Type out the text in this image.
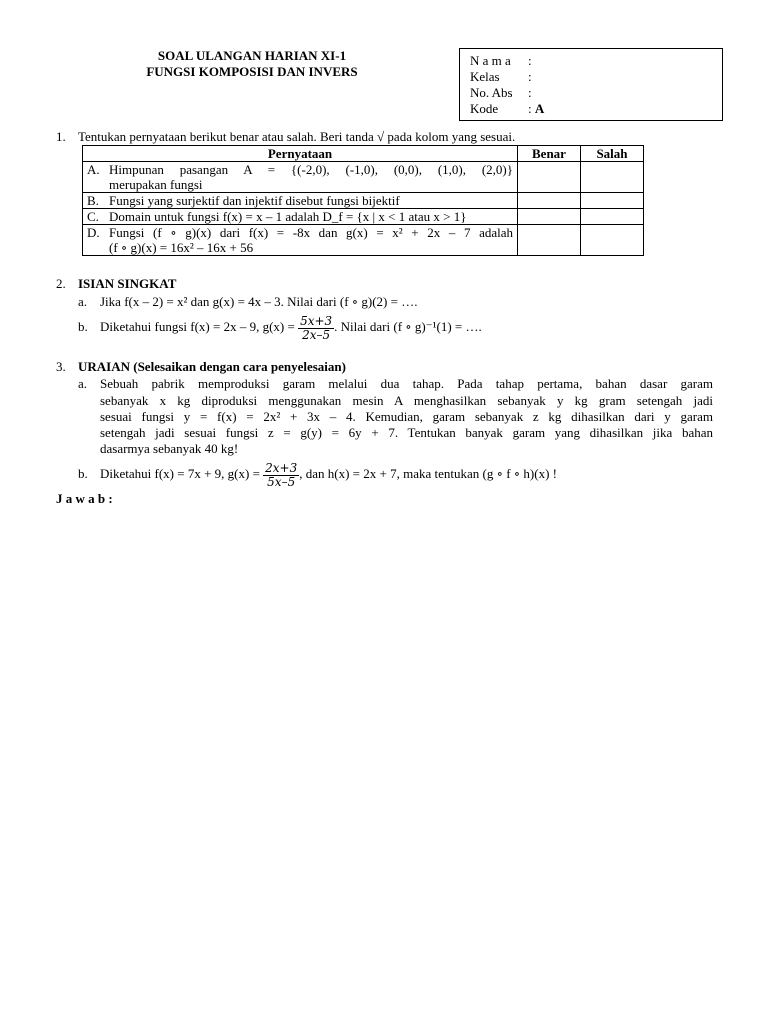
SOAL ULANGAN HARIAN XI-1
FUNGSI KOMPOSISI DAN INVERS
N a m a :
Kelas :
No. Abs :
Kode : A
1. Tentukan pernyataan berikut benar atau salah. Beri tanda √ pada kolom yang sesuai.
Pernyataan	Benar	Salah

A. Himpunan pasangan A = {(-2,0), (-1,0), (0,0), (1,0), (2,0)}
merupakan fungsi		

B. Fungsi yang surjektif dan injektif disebut fungsi bijektif		

C. Domain untuk fungsi f(x) = x – 1 adalah D_f = {x | x < 1 atau x > 1}		

D. Fungsi (f ∘ g)(x) dari f(x) = -8x dan g(x) = x² + 2x – 7 adalah
(f ∘ g)(x) = 16x² – 16x + 56		

2. ISIAN SINGKAT
a. Jika f(x – 2) = x² dan g(x) = 4x – 3. Nilai dari (f ∘ g)(2) = ….
b. Diketahui fungsi f(x) = 2x – 9, $g(x) = \frac{5x+3}{2x-5}$ . Nilai dari (f ∘ g)⁻¹(1) = ….
3. URAIAN (Selesaikan dengan cara penyelesaian)
a. Sebuah pabrik memproduksi garam melalui dua tahap. Pada tahap pertama, bahan dasar garam
sebanyak x kg diproduksi menggunakan mesin A menghasilkan sebanyak y kg gram setengah jadi
sesuai fungsi y = f(x) = 2x² + 3x – 4. Kemudian, garam sebanyak z kg dihasilkan dari y garam
setengah jadi sesuai fungsi z = g(y) = 6y + 7. Tentukan banyak garam yang dihasilkan jika bahan
dasarmya sebanyak 40 kg!
b. Diketahui f(x) = 7x + 9, $g(x) = \frac{2x+3}{5x-5}$ , dan h(x) = 2x + 7, maka tentukan (g ∘ f ∘ h)(x) !
J a w a b :
